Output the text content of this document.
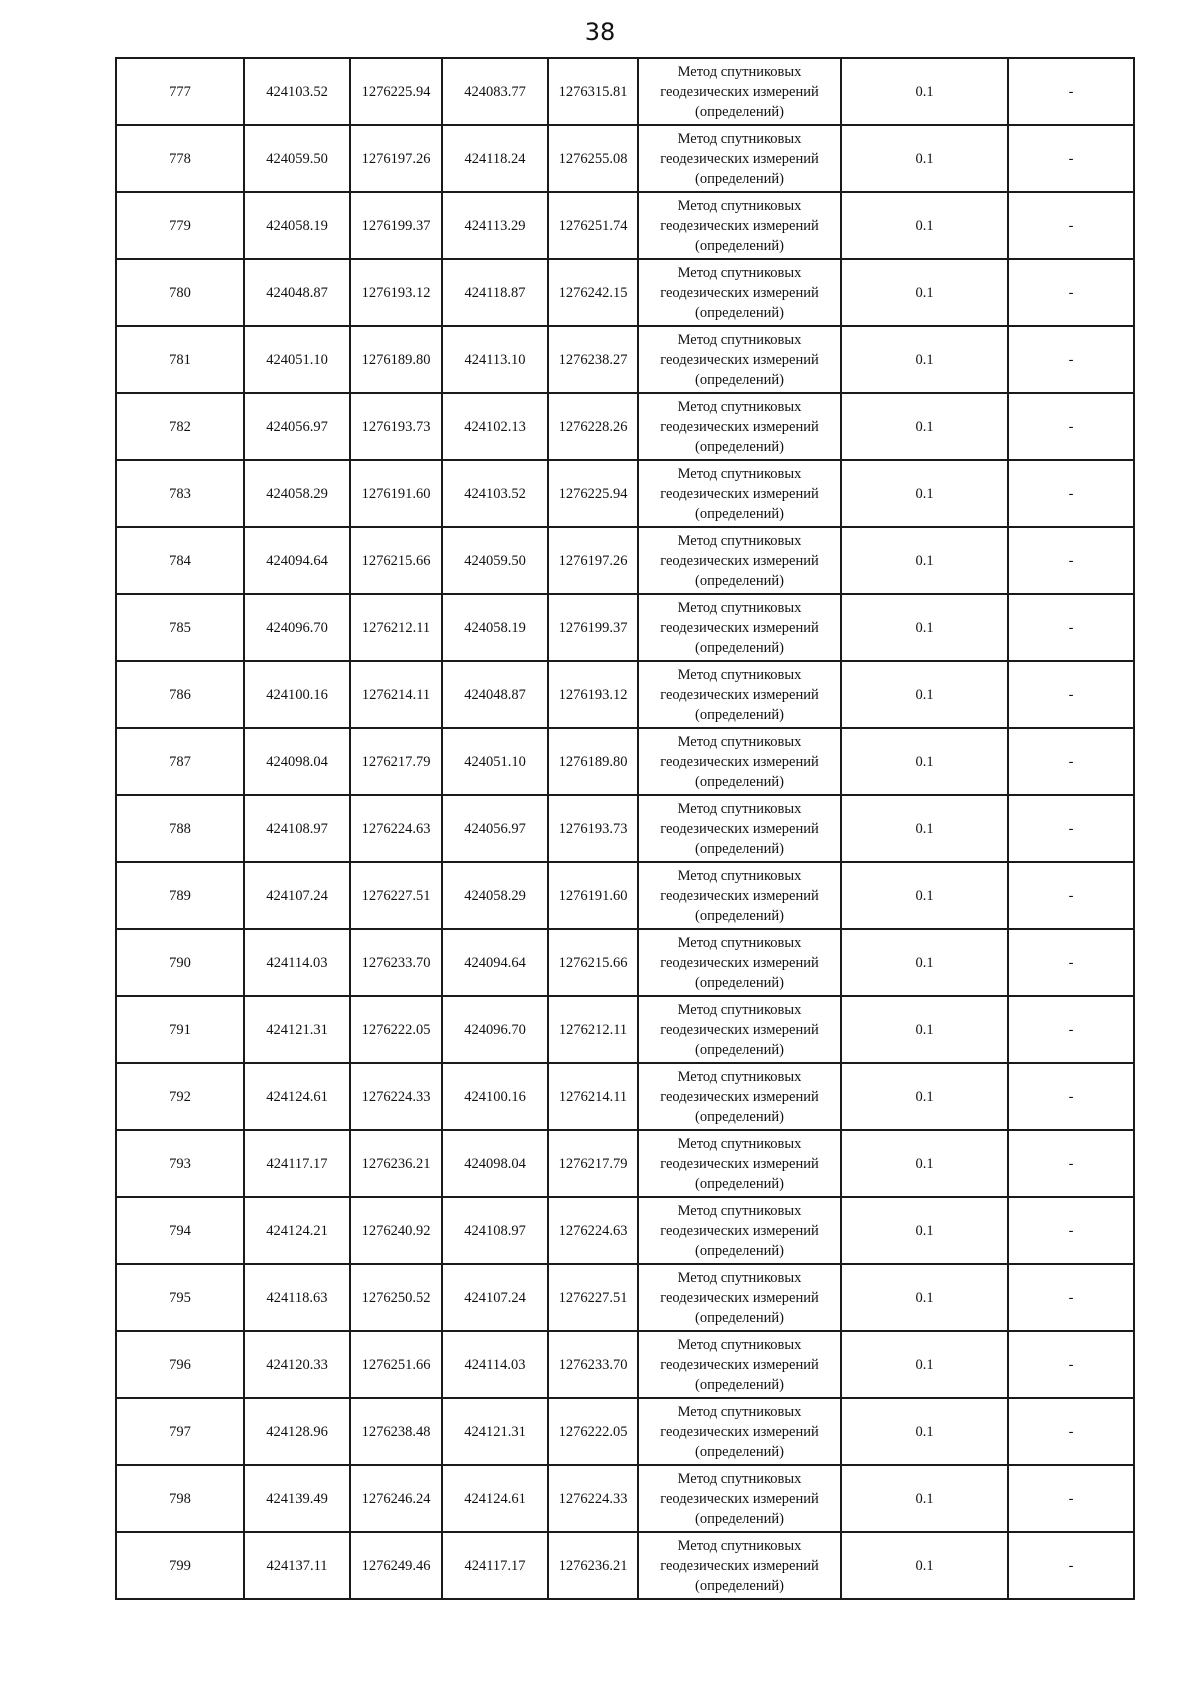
38
777	424103.52	1276225.94	424083.77	1276315.81	Метод спутниковых геодезических измерений (определений)	0.1	-
778	424059.50	1276197.26	424118.24	1276255.08	Метод спутниковых геодезических измерений (определений)	0.1	-
779	424058.19	1276199.37	424113.29	1276251.74	Метод спутниковых геодезических измерений (определений)	0.1	-
780	424048.87	1276193.12	424118.87	1276242.15	Метод спутниковых геодезических измерений (определений)	0.1	-
781	424051.10	1276189.80	424113.10	1276238.27	Метод спутниковых геодезических измерений (определений)	0.1	-
782	424056.97	1276193.73	424102.13	1276228.26	Метод спутниковых геодезических измерений (определений)	0.1	-
783	424058.29	1276191.60	424103.52	1276225.94	Метод спутниковых геодезических измерений (определений)	0.1	-
784	424094.64	1276215.66	424059.50	1276197.26	Метод спутниковых геодезических измерений (определений)	0.1	-
785	424096.70	1276212.11	424058.19	1276199.37	Метод спутниковых геодезических измерений (определений)	0.1	-
786	424100.16	1276214.11	424048.87	1276193.12	Метод спутниковых геодезических измерений (определений)	0.1	-
787	424098.04	1276217.79	424051.10	1276189.80	Метод спутниковых геодезических измерений (определений)	0.1	-
788	424108.97	1276224.63	424056.97	1276193.73	Метод спутниковых геодезических измерений (определений)	0.1	-
789	424107.24	1276227.51	424058.29	1276191.60	Метод спутниковых геодезических измерений (определений)	0.1	-
790	424114.03	1276233.70	424094.64	1276215.66	Метод спутниковых геодезических измерений (определений)	0.1	-
791	424121.31	1276222.05	424096.70	1276212.11	Метод спутниковых геодезических измерений (определений)	0.1	-
792	424124.61	1276224.33	424100.16	1276214.11	Метод спутниковых геодезических измерений (определений)	0.1	-
793	424117.17	1276236.21	424098.04	1276217.79	Метод спутниковых геодезических измерений (определений)	0.1	-
794	424124.21	1276240.92	424108.97	1276224.63	Метод спутниковых геодезических измерений (определений)	0.1	-
795	424118.63	1276250.52	424107.24	1276227.51	Метод спутниковых геодезических измерений (определений)	0.1	-
796	424120.33	1276251.66	424114.03	1276233.70	Метод спутниковых геодезических измерений (определений)	0.1	-
797	424128.96	1276238.48	424121.31	1276222.05	Метод спутниковых геодезических измерений (определений)	0.1	-
798	424139.49	1276246.24	424124.61	1276224.33	Метод спутниковых геодезических измерений (определений)	0.1	-
799	424137.11	1276249.46	424117.17	1276236.21	Метод спутниковых геодезических измерений (определений)	0.1	-
